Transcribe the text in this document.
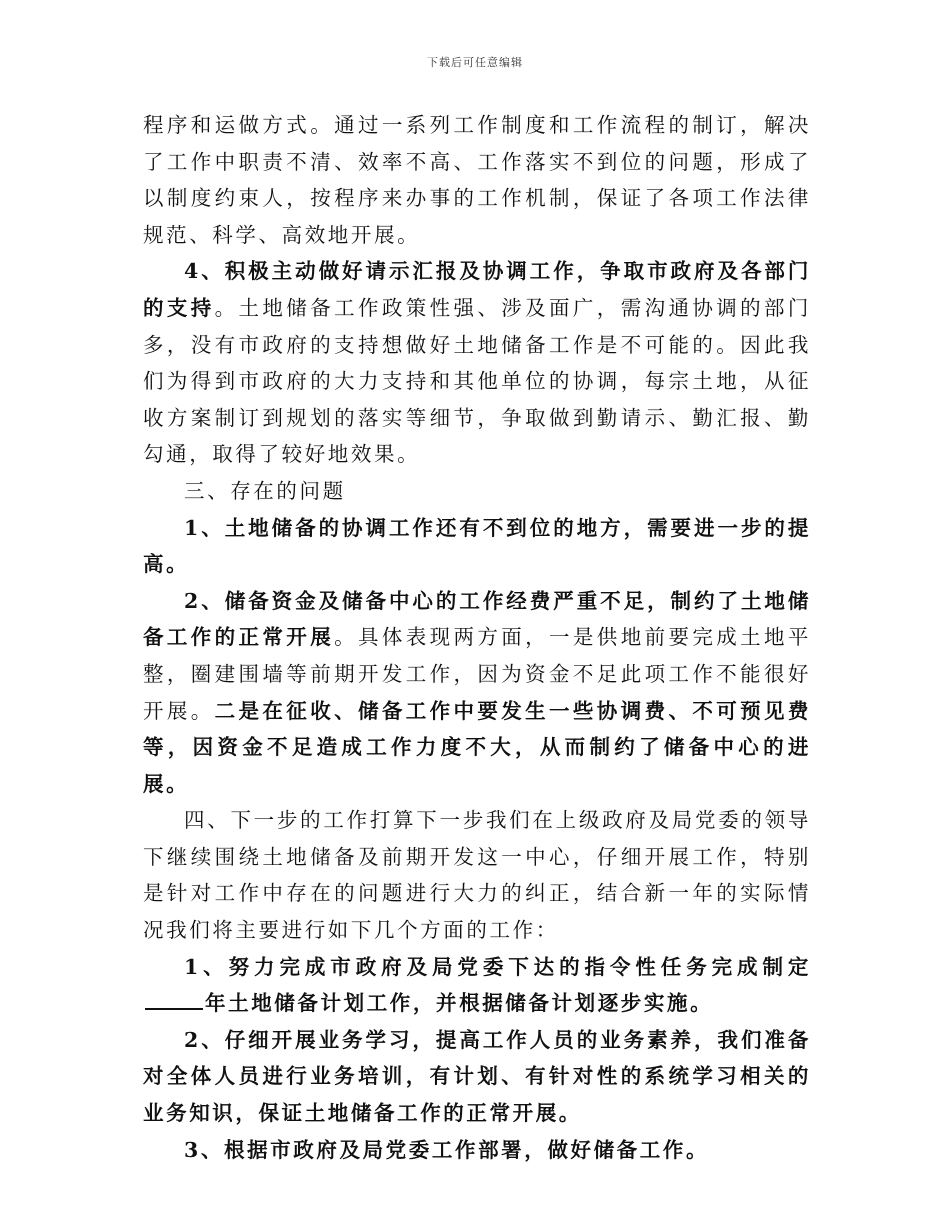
下载后可任意编辑

程序和运做方式。通过一系列工作制度和工作流程的制订，解决了工作中职责不清、效率不高、工作落实不到位的问题，形成了以制度约束人，按程序来办事的工作机制，保证了各项工作法律规范、科学、高效地开展。

4、积极主动做好请示汇报及协调工作，争取市政府及各部门的支持。土地储备工作政策性强、涉及面广，需沟通协调的部门多，没有市政府的支持想做好土地储备工作是不可能的。因此我们为得到市政府的大力支持和其他单位的协调，每宗土地，从征收方案制订到规划的落实等细节，争取做到勤请示、勤汇报、勤勾通，取得了较好地效果。

三、存在的问题

1、土地储备的协调工作还有不到位的地方，需要进一步的提高。

2、储备资金及储备中心的工作经费严重不足，制约了土地储备工作的正常开展。具体表现两方面，一是供地前要完成土地平整，圈建围墙等前期开发工作，因为资金不足此项工作不能很好开展。二是在征收、储备工作中要发生一些协调费、不可预见费等，因资金不足造成工作力度不大，从而制约了储备中心的进展。

四、下一步的工作打算下一步我们在上级政府及局党委的领导下继续围绕土地储备及前期开发这一中心，仔细开展工作，特别是针对工作中存在的问题进行大力的纠正，结合新一年的实际情况我们将主要进行如下几个方面的工作：

1、努力完成市政府及局党委下达的指令性任务完成制定年土地储备计划工作，并根据储备计划逐步实施。

2、仔细开展业务学习，提高工作人员的业务素养，我们准备对全体人员进行业务培训，有计划、有针对性的系统学习相关的业务知识，保证土地储备工作的正常开展。

3、根据市政府及局党委工作部署，做好储备工作。
